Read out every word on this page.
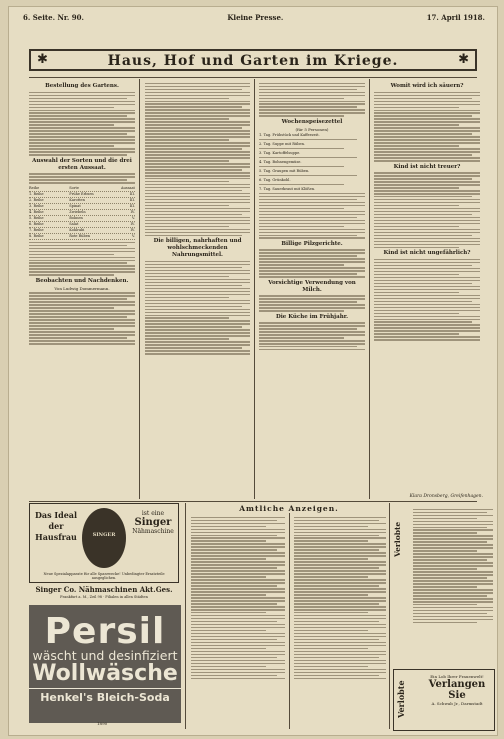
6. Seite. Nr. 90.	Kleine Presse.	17. April 1918.
✱	Haus, Hof und Garten im Kriege.	✱
Bestellung des Gartens.
Auswahl der Sorten und die drei ersten Aussaat.
Reihe	Sorte	Aussaat
1. Reihe	Frühe Erbsen	III.
2. Reihe	Karotten	III.
3. Reihe	Spinat	III.
4. Reihe	Zwiebeln	IV.
5. Reihe	Bohnen	V.
6. Reihe	Salat	IV.
7. Reihe	Kohlrabi	IV.
8. Reihe	Rote Rüben	V.
Beobachten und Nachdenken.
Von Ludwig Dommermann.
Die billigen, nahrhaften und wohlschmeckenden Nahrungsmittel.
Wochenspeisezettel
(für 5 Personen)
1. Tag. Frühstück und Kaffeezeit.
2. Tag. Suppe mit Rüben.
3. Tag. Kartoffelsuppe.
4. Tag. Bohnengemüse.
5. Tag. Graupen mit Rüben.
6. Tag. Grünkohl.
7. Tag. Sauerkraut mit Klößen.
Billige Pilzgerichte.
Vorsichtige Verwendung von Milch.
Die Küche im Frühjahr.
Womit wird ich säuern?
Kind ist nicht treuer?
Kind ist nicht ungefährlich?
Klara Dronsberg, Greifenhagen.
Das Ideal der Hausfrau	SINGER
ist eine
Singer
Nähmaschine
Neue Spezialapparate für alle Sparzwecke! Unbedingter Ersatzteile ausgeglichen.
Singer Co. Nähmaschinen Akt.Ges.
Frankfurt a. M., Zeil 98 · Filialen in allen Städten
Persil
wäscht und desinfiziert
Wollwäsche
Henkel's Bleich-Soda
1890
Amtliche Anzeigen.
Verlobte
Verlobte
Ein Lob Ihrer Frauenwelt!
Verlangen
Sie
A. Schwab Jr., Darmstadt
